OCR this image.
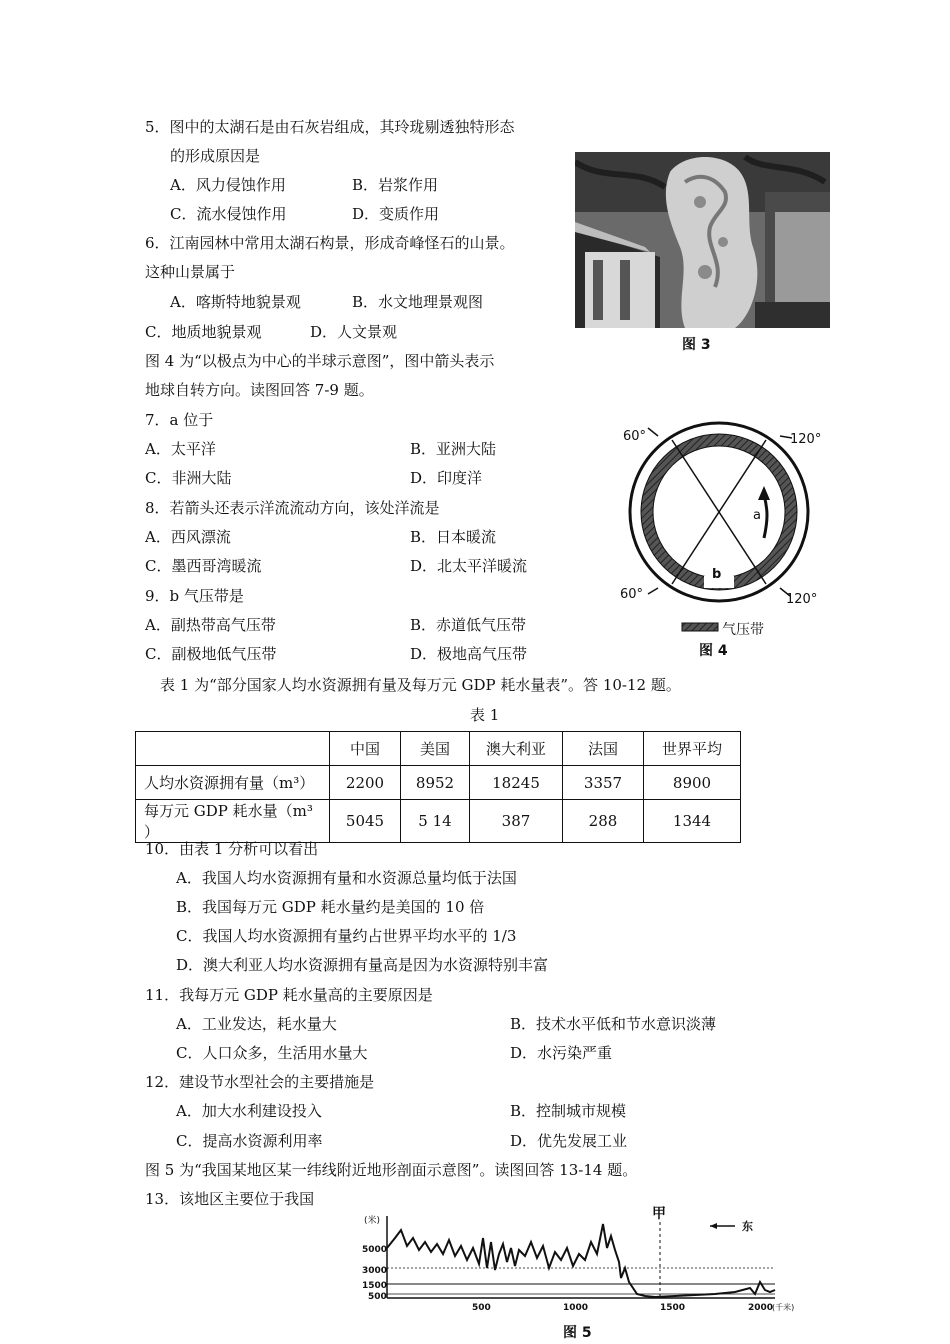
5．图中的太湖石是由石灰岩组成，其玲珑剔透独特形态
的形成原因是
A．风力侵蚀作用	B．岩浆作用
C．流水侵蚀作用	D．变质作用
6．江南园林中常用太湖石构景，形成奇峰怪石的山景。
这种山景属于
A．喀斯特地貌景观	B．水文地理景观图
C．地质地貌景观	D．人文景观
图 3
图 4 为“以极点为中心的半球示意图”，图中箭头表示
地球自转方向。读图回答 7-9 题。
7．a 位于
A．太平洋	B．亚洲大陆
C．非洲大陆	D．印度洋
8．若箭头还表示洋流流动方向，该处洋流是
A．西风漂流	B．日本暖流
C．墨西哥湾暖流	D．北太平洋暖流
9．b 气压带是
A．副热带高气压带	B．赤道低气压带
C．副极地低气压带	D．极地高气压带
60°	120°
60°	120°
a
b
气压带
图 4
表 1 为“部分国家人均水资源拥有量及每万元 GDP 耗水量表”。答 10-12 题。
表 1
	中国	美国	澳大利亚	法国	世界平均
人均水资源拥有量（m³）	2200	8952	18245	3357	8900
每万元 GDP 耗水量（m³ ）	5045	5 14	387	288	1344
10．由表 1 分析可以看出
A．我国人均水资源拥有量和水资源总量均低于法国
B．我国每万元 GDP 耗水量约是美国的 10 倍
C．我国人均水资源拥有量约占世界平均水平的 1/3
D．澳大利亚人均水资源拥有量高是因为水资源特别丰富
11．我每万元 GDP 耗水量高的主要原因是
A．工业发达，耗水量大	B．技术水平低和节水意识淡薄
C．人口众多，生活用水量大	D．水污染严重
12．建设节水型社会的主要措施是
A．加大水利建设投入	B．控制城市规模
C．提高水资源利用率	D．优先发展工业
图 5 为“我国某地区某一纬线附近地形剖面示意图”。读图回答 13-14 题。
13．该地区主要位于我国
(米)
5000
3000
1500
500
500	1000	1500	2000
(千米)
甲
东
图 5
